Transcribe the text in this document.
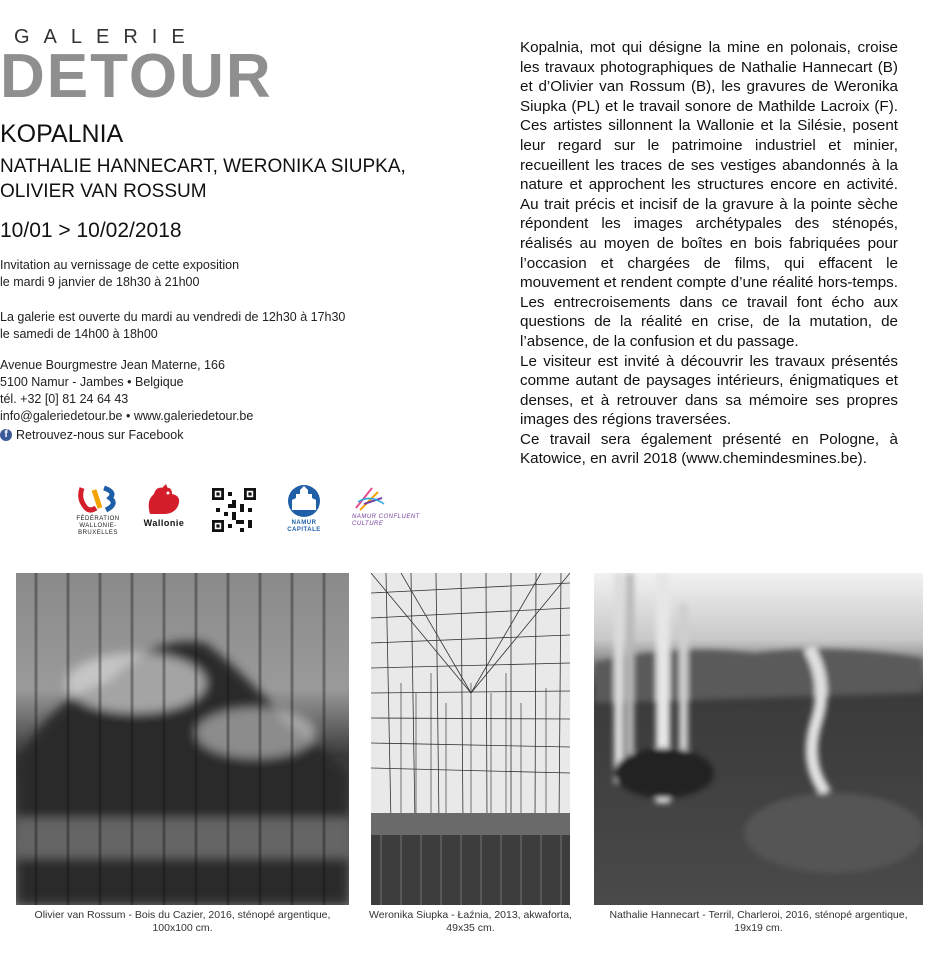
GALERIE
DETOUR
KOPALNIA
NATHALIE HANNECART, WERONIKA SIUPKA,
OLIVIER VAN ROSSUM
10/01 > 10/02/2018
Invitation au vernissage de cette exposition
le mardi 9 janvier de 18h30 à 21h00
La galerie est ouverte du mardi au vendredi de 12h30 à 17h30
le samedi de 14h00 à 18h00
Avenue Bourgmestre Jean Materne, 166
5100 Namur - Jambes • Belgique
tél. +32 [0] 81 24 64 43
info@galeriedetour.be • www.galeriedetour.be
f Retrouvez-nous sur Facebook
FÉDÉRATION WALLONIE-BRUXELLES
Wallonie	NAMUR CAPITALE
NAMUR CONFLUENT CULTURE

Kopalnia, mot qui désigne la mine en polonais, croise les travaux photographiques de Nathalie Hannecart (B) et d’Olivier van Rossum (B), les gravures de Weronika Siupka (PL) et le travail sonore de Mathilde Lacroix (F). Ces artistes sillonnent la Wallonie et la Silésie, posent leur regard sur le patrimoine industriel et minier, recueillent les traces de ses vestiges abandonnés à la nature et approchent les structures encore en activité. Au trait précis et incisif de la gravure à la pointe sèche répondent les images archétypales des sténopés, réalisés au moyen de boîtes en bois fabriquées pour l’occasion et chargées de films, qui effacent le mouvement et rendent compte d’une réalité hors-temps. Les entrecroisements dans ce travail font écho aux questions de la réalité en crise, de la mutation, de l’absence, de la confusion et du passage.

Le visiteur est invité à découvrir les travaux présentés comme autant de paysages intérieurs, énigmatiques et denses, et à retrouver dans sa mémoire ses propres images des régions traversées.

Ce travail sera également présenté en Pologne, à Katowice, en avril 2018 (www.chemindesmines.be).

Olivier van Rossum - Bois du Cazier, 2016, sténopé argentique,
100x100 cm.
Weronika Siupka - Łaźnia, 2013, akwaforta,
49x35 cm.
Nathalie Hannecart - Terril, Charleroi, 2016, sténopé argentique,
19x19 cm.
